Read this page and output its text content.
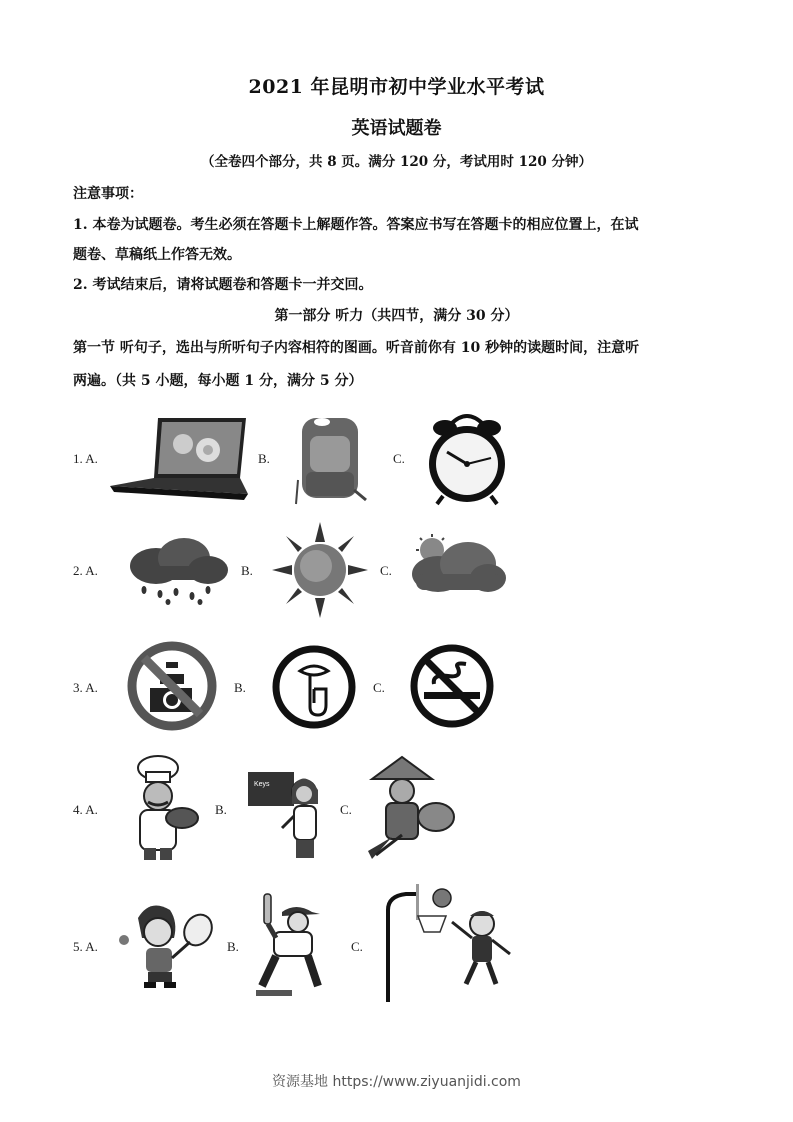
2021 年昆明市初中学业水平考试
英语试题卷
（全卷四个部分，共 8 页。满分 120 分，考试用时 120 分钟）
注意事项：
1. 本卷为试题卷。考生必须在答题卡上解题作答。答案应书写在答题卡的相应位置上，在试
题卷、草稿纸上作答无效。
2. 考试结束后，请将试题卷和答题卡一并交回。
第一部分 听力（共四节，满分 30 分）
第一节 听句子，选出与所听句子内容相符的图画。听音前你有 10 秒钟的读题时间，注意听
两遍。（共 5 小题，每小题 1 分，满分 5 分）
1. A.	B.	C.
2. A.	B.	C.
3. A.	B.	C.
4. A.	B.
Keys
C.
5. A.	B.	C.
资源基地 https://www.ziyuanjidi.com
